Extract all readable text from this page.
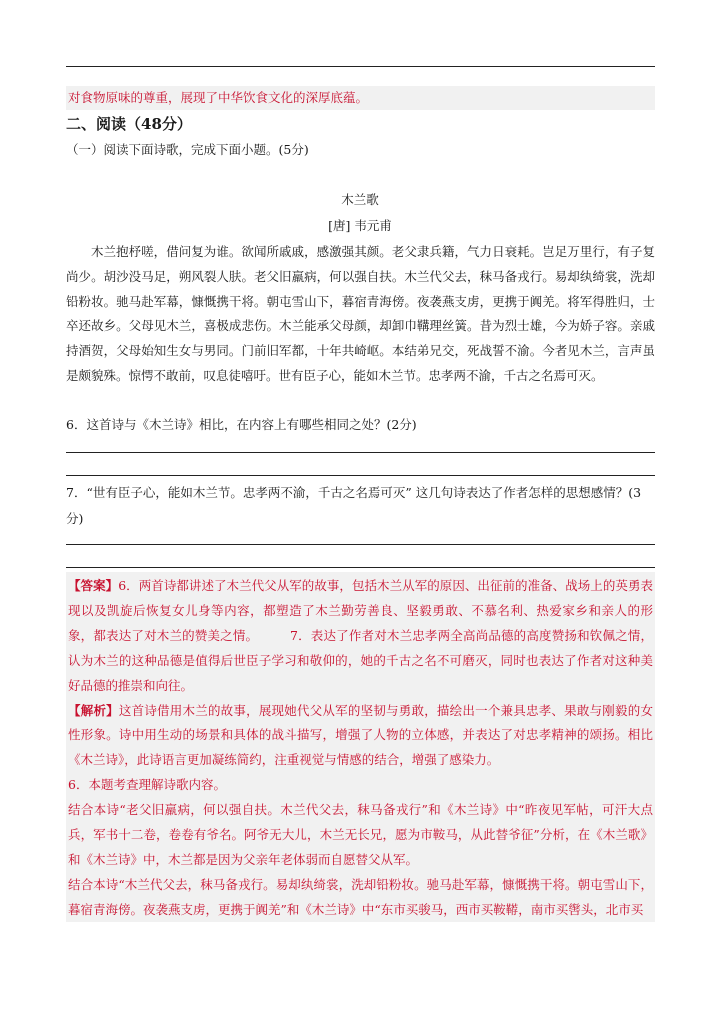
对食物原味的尊重，展现了中华饮食文化的深厚底蕴。
二、阅读（48分）
（一）阅读下面诗歌，完成下面小题。(5分)
木兰歌
[唐] 韦元甫
木兰抱杼嗟，借问复为谁。欲闻所戚戚，感激强其颜。老父隶兵籍，气力日衰耗。岂足万里行，有子复尚少。胡沙没马足，朔风裂人肤。老父旧羸病，何以强自扶。木兰代父去，秣马备戎行。易却纨绮裳，洗却铅粉妆。驰马赴军幕，慷慨携干将。朝屯雪山下，暮宿青海傍。夜袭燕支虏，更携于阗羌。将军得胜归，士卒还故乡。父母见木兰，喜极成悲伤。木兰能承父母颜，却卸巾鞲理丝簧。昔为烈士雄，今为娇子容。亲戚持酒贺，父母始知生女与男同。门前旧军都，十年共崎岖。本结弟兄交，死战誓不渝。今者见木兰，言声虽是颇貌殊。惊愕不敢前，叹息徒嘻吁。世有臣子心，能如木兰节。忠孝两不渝，千古之名焉可灭。
6．这首诗与《木兰诗》相比，在内容上有哪些相同之处？(2分)
7．“世有臣子心，能如木兰节。忠孝两不渝，千古之名焉可灭” 这几句诗表达了作者怎样的思想感情？(3分)

【答案】6．两首诗都讲述了木兰代父从军的故事，包括木兰从军的原因、出征前的准备、战场上的英勇表现以及凯旋后恢复女儿身等内容，都塑造了木兰勤劳善良、坚毅勇敢、不慕名利、热爱家乡和亲人的形象，都表达了对木兰的赞美之情。　　　7．表达了作者对木兰忠孝两全高尚品德的高度赞扬和钦佩之情，认为木兰的这种品德是值得后世臣子学习和敬仰的，她的千古之名不可磨灭，同时也表达了作者对这种美好品德的推崇和向往。

【解析】这首诗借用木兰的故事，展现她代父从军的坚韧与勇敢，描绘出一个兼具忠孝、果敢与刚毅的女性形象。诗中用生动的场景和具体的战斗描写，增强了人物的立体感，并表达了对忠孝精神的颂扬。相比《木兰诗》，此诗语言更加凝练简约，注重视觉与情感的结合，增强了感染力。

6．本题考查理解诗歌内容。

结合本诗“老父旧羸病，何以强自扶。木兰代父去，秣马备戎行”和《木兰诗》中“昨夜见军帖，可汗大点兵，军书十二卷，卷卷有爷名。阿爷无大儿，木兰无长兄，愿为市鞍马，从此替爷征”分析，在《木兰歌》和《木兰诗》中，木兰都是因为父亲年老体弱而自愿替父从军。

结合本诗“木兰代父去，秣马备戎行。易却纨绮裳，洗却铅粉妆。驰马赴军幕，慷慨携干将。朝屯雪山下，暮宿青海傍。夜袭燕支虏，更携于阗羌”和《木兰诗》中“东市买骏马，西市买鞍鞯，南市买辔头，北市买
